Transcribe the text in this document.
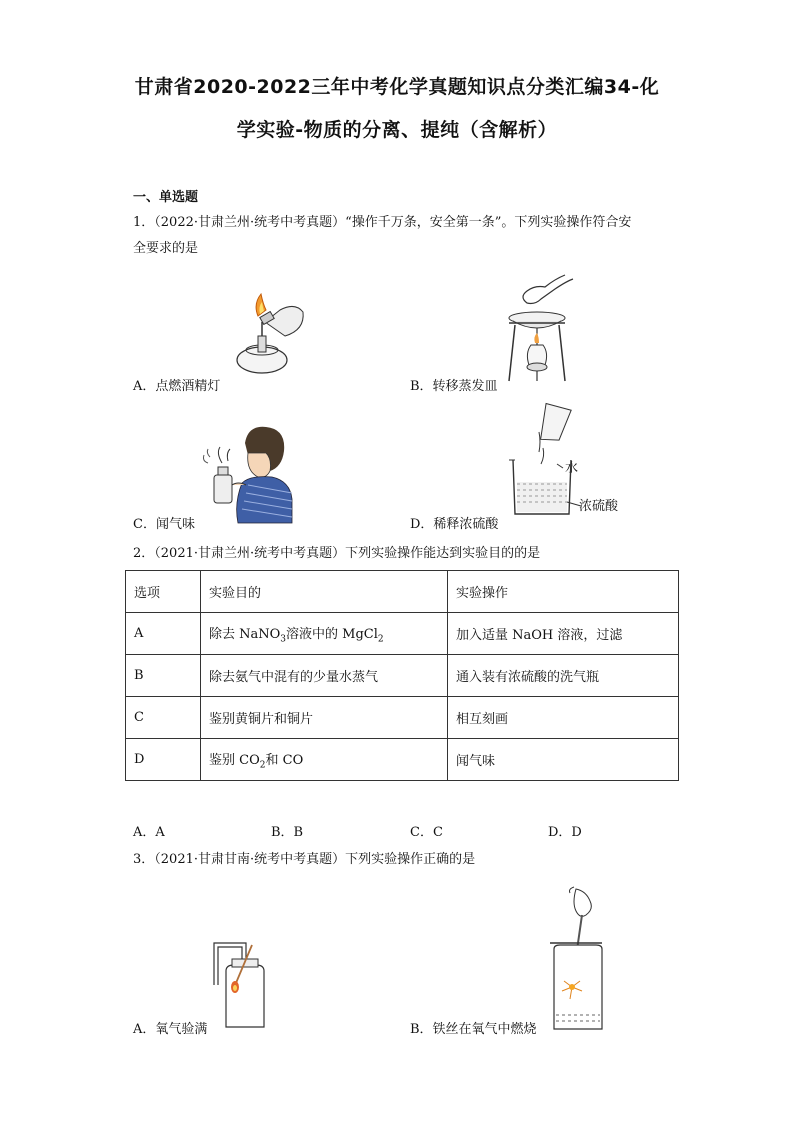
甘肃省2020-2022三年中考化学真题知识点分类汇编34-化
学实验-物质的分离、提纯（含解析）
一、单选题
1．（2022·甘肃兰州·统考中考真题）“操作千万条，安全第一条”。下列实验操作符合安
全要求的是
A．点燃酒精灯	B．转移蒸发皿
C．闻气味
水
浓硫酸
D．稀释浓硫酸
2．（2021·甘肃兰州·统考中考真题）下列实验操作能达到实验目的的是
选项	实验目的	实验操作
A	除去 NaNO$_3$溶液中的 MgCl$_2$	加入适量 NaOH 溶液，过滤
B	除去氨气中混有的少量水蒸气	通入装有浓硫酸的洗气瓶
C	鉴别黄铜片和铜片	相互刻画
D	鉴别 $CO_2$和 CO	闻气味
A．A	B．B	C．C	D．D
3．（2021·甘肃甘南·统考中考真题）下列实验操作正确的是
A．氧气验满	B．铁丝在氧气中燃烧
